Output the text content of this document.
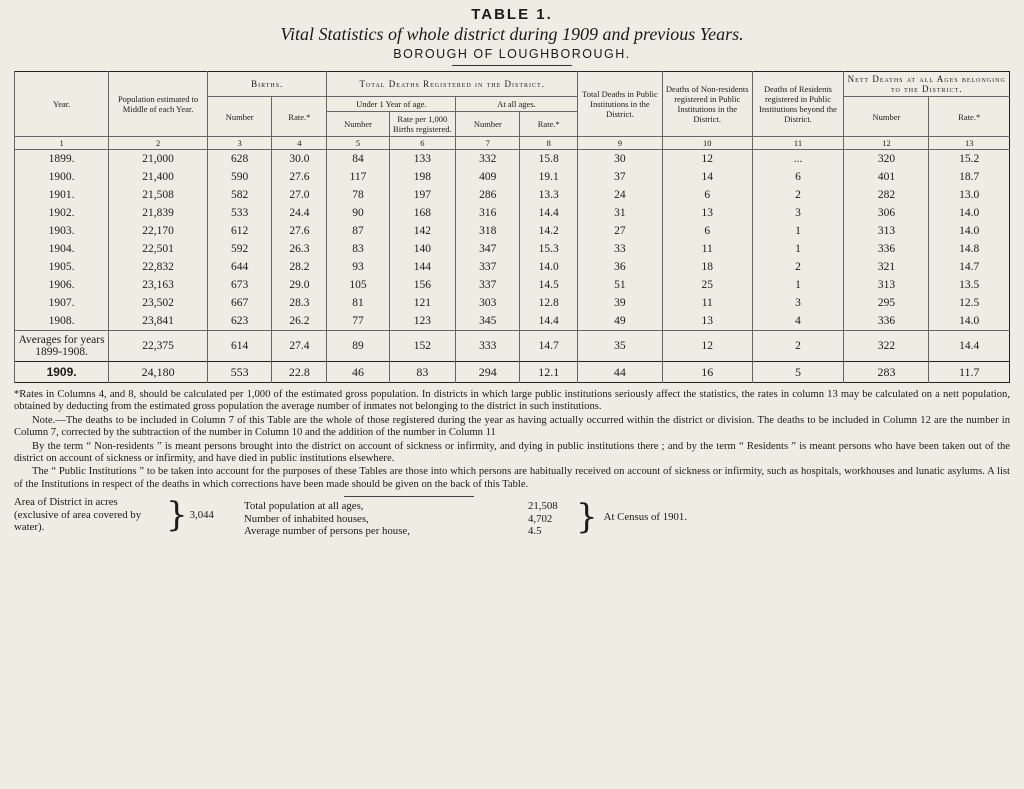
TABLE 1.
Vital Statistics of whole district during 1909 and previous Years.
BOROUGH OF LOUGHBOROUGH.
Year.	Population estimated to Middle of each Year.	Births.		Total Deaths Registered in the District.				Total Deaths in Public Institutions in the District.	Deaths of Non-residents registered in Public Institutions in the District.	Deaths of Residents registered in Public Institutions beyond the District.	Nett Deaths at all Ages belonging to the District.	
		Number	Rate.*	Under 1 Year of age.		At all ages.					Number	Rate.*
				Number	Rate per 1,000 Births registered.	Number	Rate.*					
1	2	3	4	5	6	7	8	9	10	11	12	13
1899.	21,000	628	30.0	84	133	332	15.8	30	12	...	320	15.2
1900.	21,400	590	27.6	117	198	409	19.1	37	14	6	401	18.7
1901.	21,508	582	27.0	78	197	286	13.3	24	6	2	282	13.0
1902.	21,839	533	24.4	90	168	316	14.4	31	13	3	306	14.0
1903.	22,170	612	27.6	87	142	318	14.2	27	6	1	313	14.0
1904.	22,501	592	26.3	83	140	347	15.3	33	11	1	336	14.8
1905.	22,832	644	28.2	93	144	337	14.0	36	18	2	321	14.7
1906.	23,163	673	29.0	105	156	337	14.5	51	25	1	313	13.5
1907.	23,502	667	28.3	81	121	303	12.8	39	11	3	295	12.5
1908.	23,841	623	26.2	77	123	345	14.4	49	13	4	336	14.0
Averages for years 1899-1908.	22,375	614	27.4	89	152	333	14.7	35	12	2	322	14.4
1909.	24,180	553	22.8	46	83	294	12.1	44	16	5	283	11.7

*Rates in Columns 4, and 8, should be calculated per 1,000 of the estimated gross population. In districts in which large public institutions seriously affect the statistics, the rates in column 13 may be calculated on a nett population, obtained by deducting from the estimated gross population the average number of inmates not belonging to the district in such institutions.

Note.—The deaths to be included in Column 7 of this Table are the whole of those registered during the year as having actually occurred within the district or division. The deaths to be included in Column 12 are the number in Column 7, corrected by the subtraction of the number in Column 10 and the addition of the number in Column 11

By the term “ Non-residents ” is meant persons brought into the district on account of sickness or infirmity, and dying in public institutions there ; and by the term “ Residents ” is meant persons who have been taken out of the district on account of sickness or infirmity, and have died in public institutions elsewhere.

The “ Public Institutions ” to be taken into account for the purposes of these Tables are those into which persons are habitually received on account of sickness or infirmity, such as hospitals, workhouses and lunatic asylums. A list of the Institutions in respect of the deaths in which corrections have been made should be given on the back of this Table.

Area of District in acres (exclusive of area covered by water).	} 3,044
Total population at all ages,	21,508
Number of inhabited houses,	4,702
Average number of persons per house,	4.5	} At Census of 1901.
